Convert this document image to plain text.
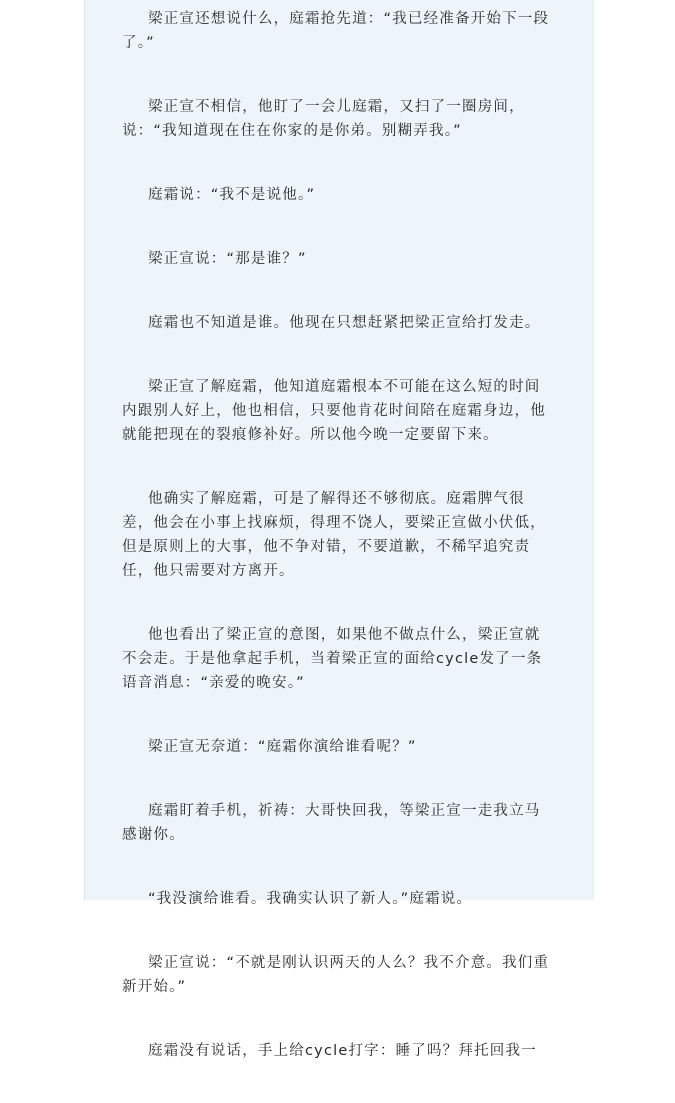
梁正宣还想说什么，庭霜抢先道：“我已经准备开始下一段
了。”

梁正宣不相信，他盯了一会儿庭霜，又扫了一圈房间，
说：“我知道现在住在你家的是你弟。别糊弄我。”

庭霜说：“我不是说他。”

梁正宣说：“那是谁？”

庭霜也不知道是谁。他现在只想赶紧把梁正宣给打发走。

梁正宣了解庭霜，他知道庭霜根本不可能在这么短的时间
内跟别人好上，他也相信，只要他肯花时间陪在庭霜身边，他
就能把现在的裂痕修补好。所以他今晚一定要留下来。

他确实了解庭霜，可是了解得还不够彻底。庭霜脾气很
差，他会在小事上找麻烦，得理不饶人，要梁正宣做小伏低，
但是原则上的大事，他不争对错，不要道歉，不稀罕追究责
任，他只需要对方离开。

他也看出了梁正宣的意图，如果他不做点什么，梁正宣就
不会走。于是他拿起手机，当着梁正宣的面给cycle发了一条
语音消息：“亲爱的晚安。”

梁正宣无奈道：“庭霜你演给谁看呢？”

庭霜盯着手机，祈祷：大哥快回我，等梁正宣一走我立马
感谢你。

“我没演给谁看。我确实认识了新人。”庭霜说。

梁正宣说：“不就是刚认识两天的人么？我不介意。我们重
新开始。”

庭霜没有说话，手上给cycle打字：睡了吗？拜托回我一
